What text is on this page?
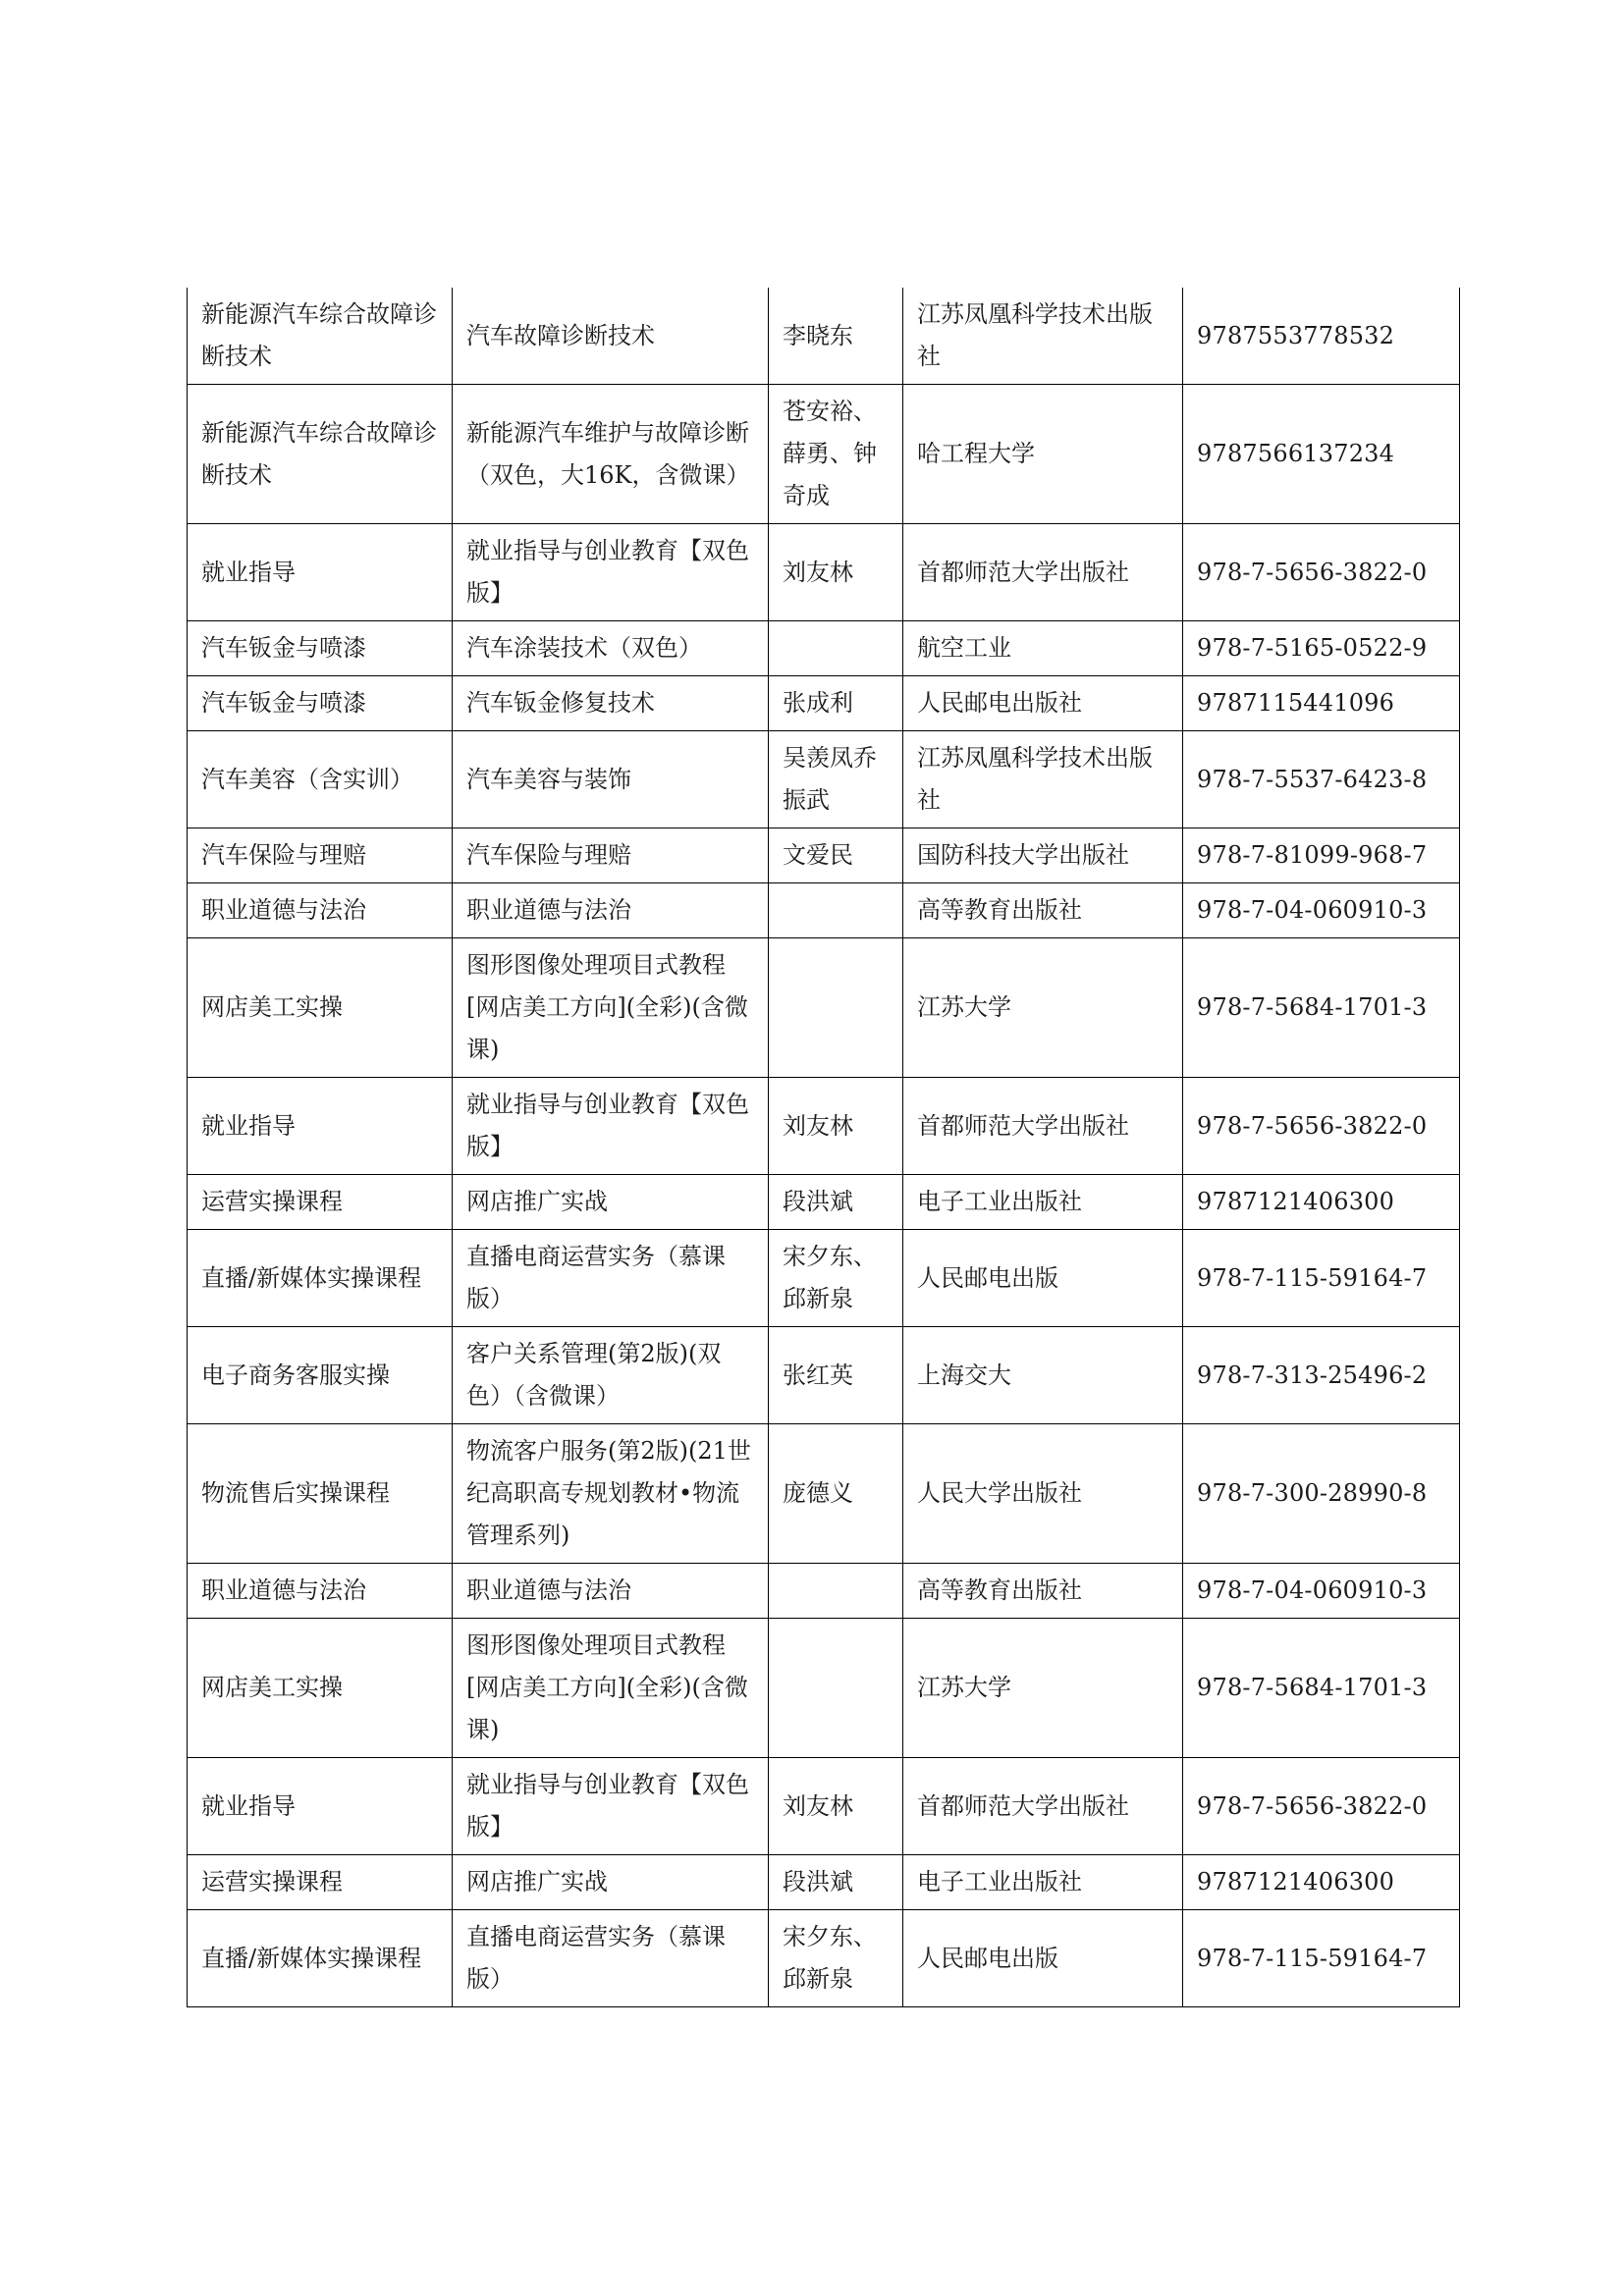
新能源汽车综合故障诊断技术	汽车故障诊断技术	李晓东	江苏凤凰科学技术出版社	9787553778532
新能源汽车综合故障诊断技术	新能源汽车维护与故障诊断（双色，大16K，含微课）	苍安裕、薛勇、钟奇成	哈工程大学	9787566137234
就业指导	就业指导与创业教育【双色版】	刘友林	首都师范大学出版社	978-7-5656-3822-0
汽车钣金与喷漆	汽车涂装技术（双色）		航空工业	978-7-5165-0522-9
汽车钣金与喷漆	汽车钣金修复技术	张成利	人民邮电出版社	9787115441096
汽车美容（含实训）	汽车美容与装饰	吴羡凤乔振武	江苏凤凰科学技术出版社	978-7-5537-6423-8
汽车保险与理赔	汽车保险与理赔	文爱民	国防科技大学出版社	978-7-81099-968-7
职业道德与法治	职业道德与法治		高等教育出版社	978-7-04-060910-3
网店美工实操	图形图像处理项目式教程[网店美工方向](全彩)(含微课)		江苏大学	978-7-5684-1701-3
就业指导	就业指导与创业教育【双色版】	刘友林	首都师范大学出版社	978-7-5656-3822-0
运营实操课程	网店推广实战	段洪斌	电子工业出版社	9787121406300
直播/新媒体实操课程	直播电商运营实务（慕课版）	宋夕东、邱新泉	人民邮电出版	978-7-115-59164-7
电子商务客服实操	客户关系管理(第2版)(双色）（含微课）	张红英	上海交大	978-7-313-25496-2
物流售后实操课程	物流客户服务(第2版)(21世纪高职高专规划教材•物流管理系列)	庞德义	人民大学出版社	978-7-300-28990-8
职业道德与法治	职业道德与法治		高等教育出版社	978-7-04-060910-3
网店美工实操	图形图像处理项目式教程[网店美工方向](全彩)(含微课)		江苏大学	978-7-5684-1701-3
就业指导	就业指导与创业教育【双色版】	刘友林	首都师范大学出版社	978-7-5656-3822-0
运营实操课程	网店推广实战	段洪斌	电子工业出版社	9787121406300
直播/新媒体实操课程	直播电商运营实务（慕课版）	宋夕东、邱新泉	人民邮电出版	978-7-115-59164-7
